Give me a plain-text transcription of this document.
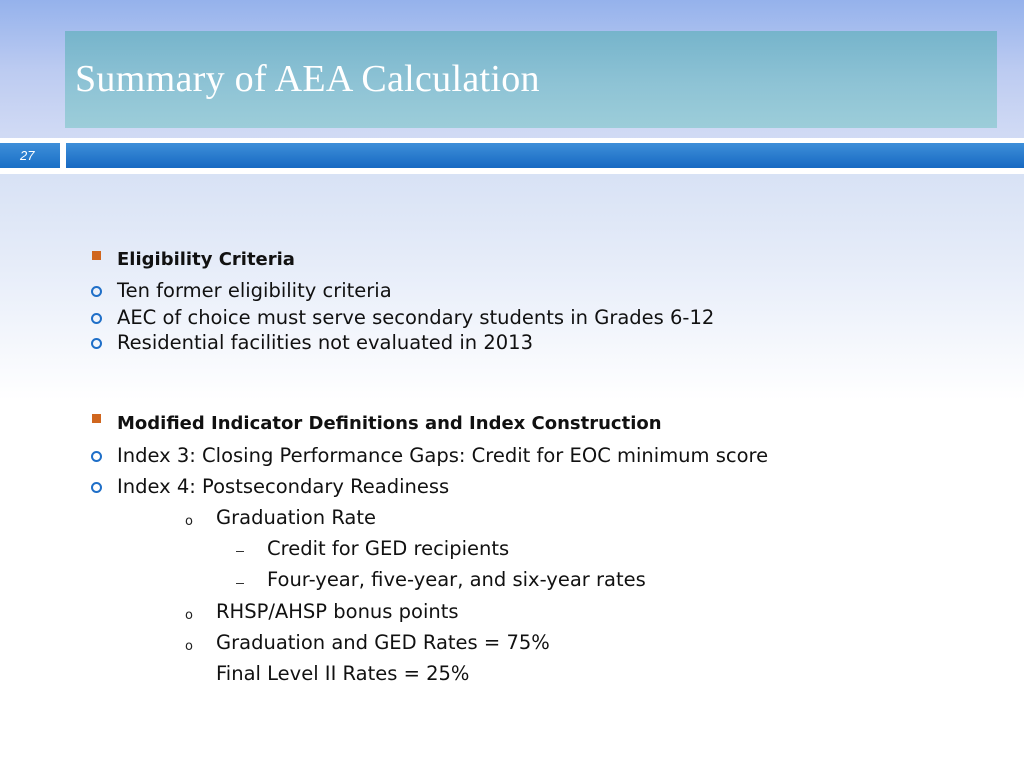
Summary of AEA Calculation
27
Eligibility Criteria
Ten former eligibility criteria
AEC of choice must serve secondary students in Grades 6-12
Residential facilities not evaluated in 2013
Modified Indicator Definitions and Index Construction
Index 3: Closing Performance Gaps: Credit for EOC minimum score
Index 4: Postsecondary Readiness
o Graduation Rate
Credit for GED recipients
Four-year, five-year, and six-year rates
o RHSP/AHSP bonus points
o Graduation and GED Rates = 75%
Final Level II Rates = 25%
